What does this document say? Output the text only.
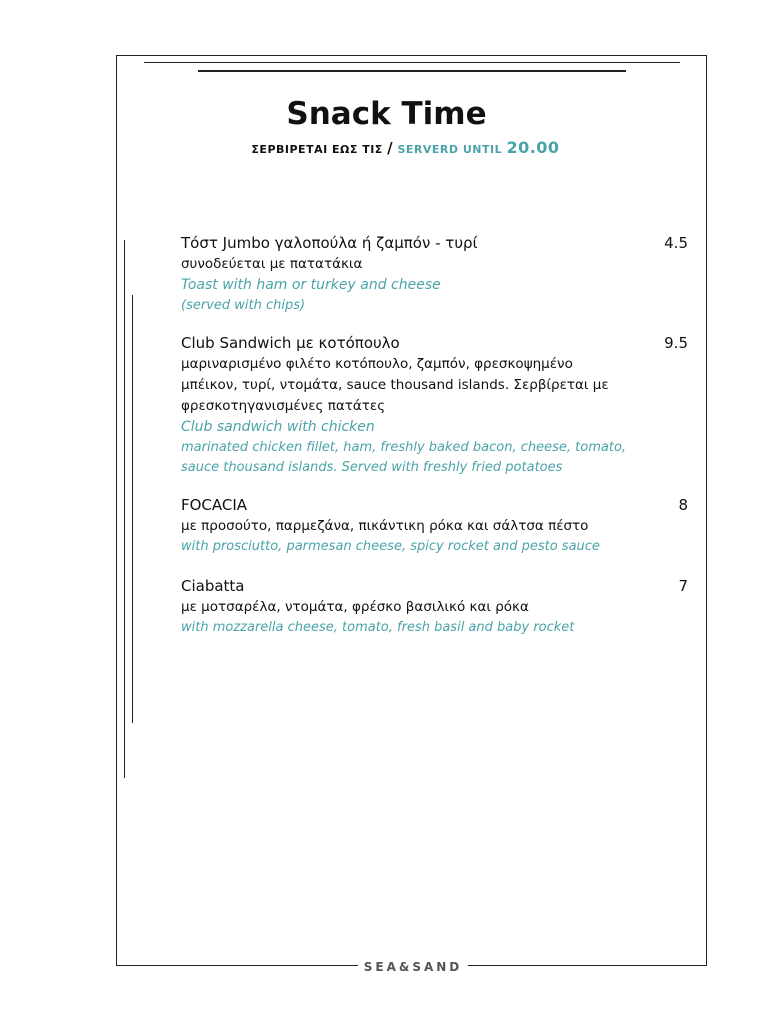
Snack Time
ΣΕΡΒΙΡΕΤΑΙ ΕΩΣ ΤΙΣ / SERVERD UNTIL 20.00
Τόστ Jumbo γαλοπούλα ή ζαμπόν - τυρί	4.5
συνοδεύεται με πατατάκια
Toast with ham or turkey and cheese
(served with chips)
Club Sandwich με κοτόπουλο	9.5
μαριναρισμένο φιλέτο κοτόπουλο, ζαμπόν, φρεσκοψημένο
μπέικον, τυρί, ντομάτα, sauce thousand islands. Σερβίρεται με
φρεσκοτηγανισμένες πατάτες
Club sandwich with chicken
marinated chicken fillet, ham, freshly baked bacon, cheese, tomato,
sauce thousand islands. Served with freshly fried potatoes
FOCACIA	8
με προσούτο, παρμεζάνα, πικάντικη ρόκα και σάλτσα πέστο
with prosciutto, parmesan cheese, spicy rocket and pesto sauce
Ciabatta	7
με μοτσαρέλα, ντομάτα, φρέσκο βασιλικό και ρόκα
with mozzarella cheese, tomato, fresh basil and baby rocket
SEA&SAND
